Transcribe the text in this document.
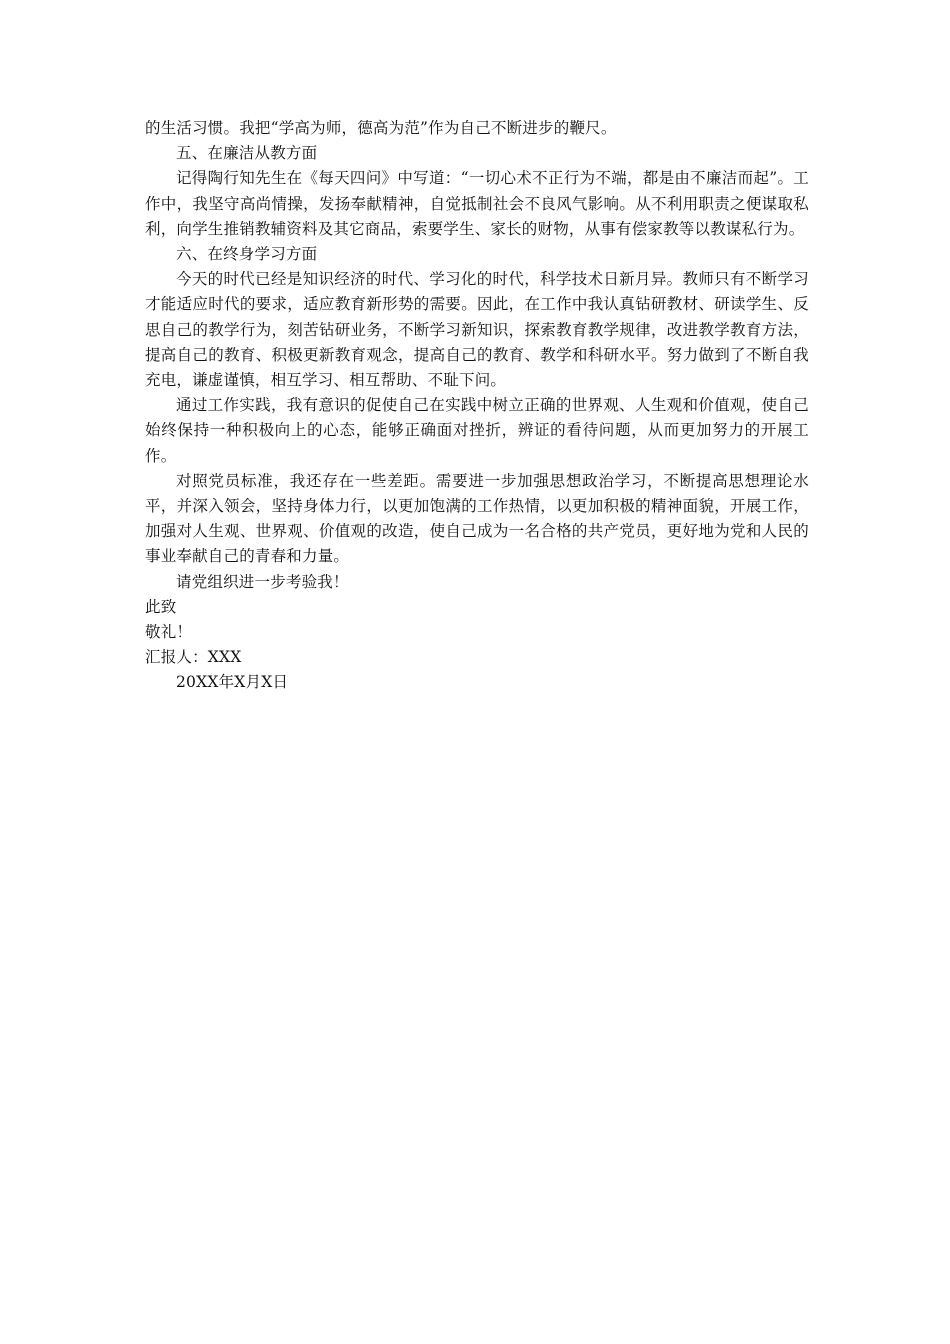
的生活习惯。我把“学高为师，德高为范”作为自己不断进步的鞭尺。

五、在廉洁从教方面

记得陶行知先生在《每天四问》中写道：“一切心术不正行为不端，都是由不廉洁而起”。工作中，我坚守高尚情操，发扬奉献精神，自觉抵制社会不良风气影响。从不利用职责之便谋取私利，向学生推销教辅资料及其它商品，索要学生、家长的财物，从事有偿家教等以教谋私行为。

六、在终身学习方面

今天的时代已经是知识经济的时代、学习化的时代，科学技术日新月异。教师只有不断学习才能适应时代的要求，适应教育新形势的需要。因此，在工作中我认真钻研教材、研读学生、反思自己的教学行为，刻苦钻研业务，不断学习新知识，探索教育教学规律，改进教学教育方法，提高自己的教育、积极更新教育观念，提高自己的教育、教学和科研水平。努力做到了不断自我充电，谦虚谨慎，相互学习、相互帮助、不耻下问。

通过工作实践，我有意识的促使自己在实践中树立正确的世界观、人生观和价值观，使自己始终保持一种积极向上的心态，能够正确面对挫折，辨证的看待问题，从而更加努力的开展工作。

对照党员标准，我还存在一些差距。需要进一步加强思想政治学习，不断提高思想理论水平，并深入领会，坚持身体力行，以更加饱满的工作热情，以更加积极的精神面貌，开展工作，加强对人生观、世界观、价值观的改造，使自己成为一名合格的共产党员，更好地为党和人民的事业奉献自己的青春和力量。

请党组织进一步考验我！

此致

敬礼！

汇报人：XXX

20XX年X月X日
